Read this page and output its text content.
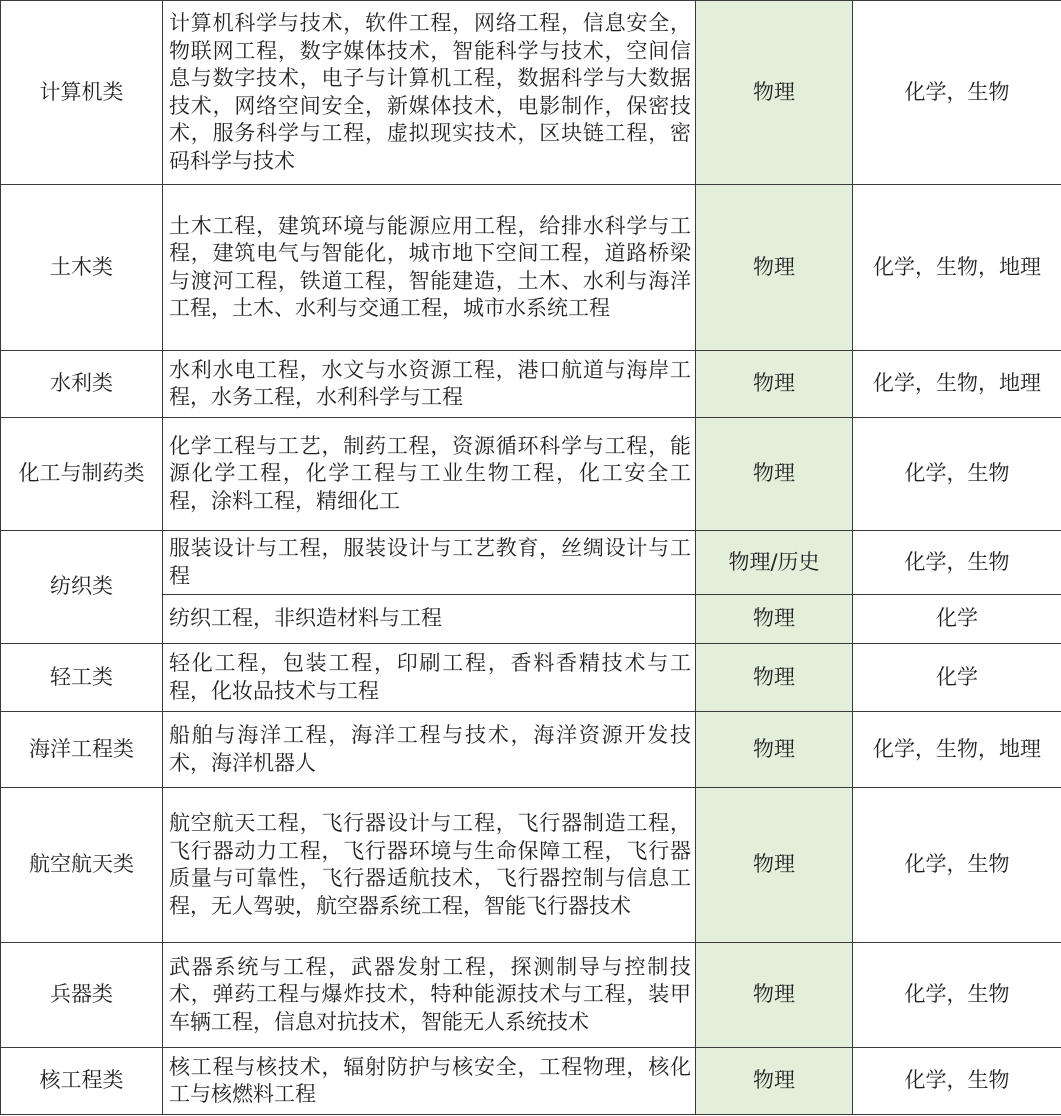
计算机类	计算机科学与技术，软件工程，网络工程，信息安全，物联网工程，数字媒体技术，智能科学与技术，空间信息与数字技术，电子与计算机工程，数据科学与大数据技术，网络空间安全，新媒体技术，电影制作，保密技术，服务科学与工程，虚拟现实技术，区块链工程，密码科学与技术	物理	化学，生物
土木类	土木工程，建筑环境与能源应用工程，给排水科学与工程，建筑电气与智能化，城市地下空间工程，道路桥梁与渡河工程，铁道工程，智能建造，土木、水利与海洋工程，土木、水利与交通工程，城市水系统工程	物理	化学，生物，地理
水利类	水利水电工程，水文与水资源工程，港口航道与海岸工程，水务工程，水利科学与工程	物理	化学，生物，地理
化工与制药类	化学工程与工艺，制药工程，资源循环科学与工程，能源化学工程，化学工程与工业生物工程，化工安全工程，涂料工程，精细化工	物理	化学，生物
纺织类	服装设计与工程，服装设计与工艺教育，丝绸设计与工程	物理/历史	化学，生物
	纺织工程，非织造材料与工程	物理	化学
轻工类	轻化工程，包装工程，印刷工程，香料香精技术与工程，化妆品技术与工程	物理	化学
海洋工程类	船舶与海洋工程，海洋工程与技术，海洋资源开发技术，海洋机器人	物理	化学，生物，地理
航空航天类	航空航天工程，飞行器设计与工程，飞行器制造工程，飞行器动力工程，飞行器环境与生命保障工程，飞行器质量与可靠性，飞行器适航技术，飞行器控制与信息工程，无人驾驶，航空器系统工程，智能飞行器技术	物理	化学，生物
兵器类	武器系统与工程，武器发射工程，探测制导与控制技术，弹药工程与爆炸技术，特种能源技术与工程，装甲车辆工程，信息对抗技术，智能无人系统技术	物理	化学，生物
核工程类	核工程与核技术，辐射防护与核安全，工程物理，核化工与核燃料工程	物理	化学，生物
